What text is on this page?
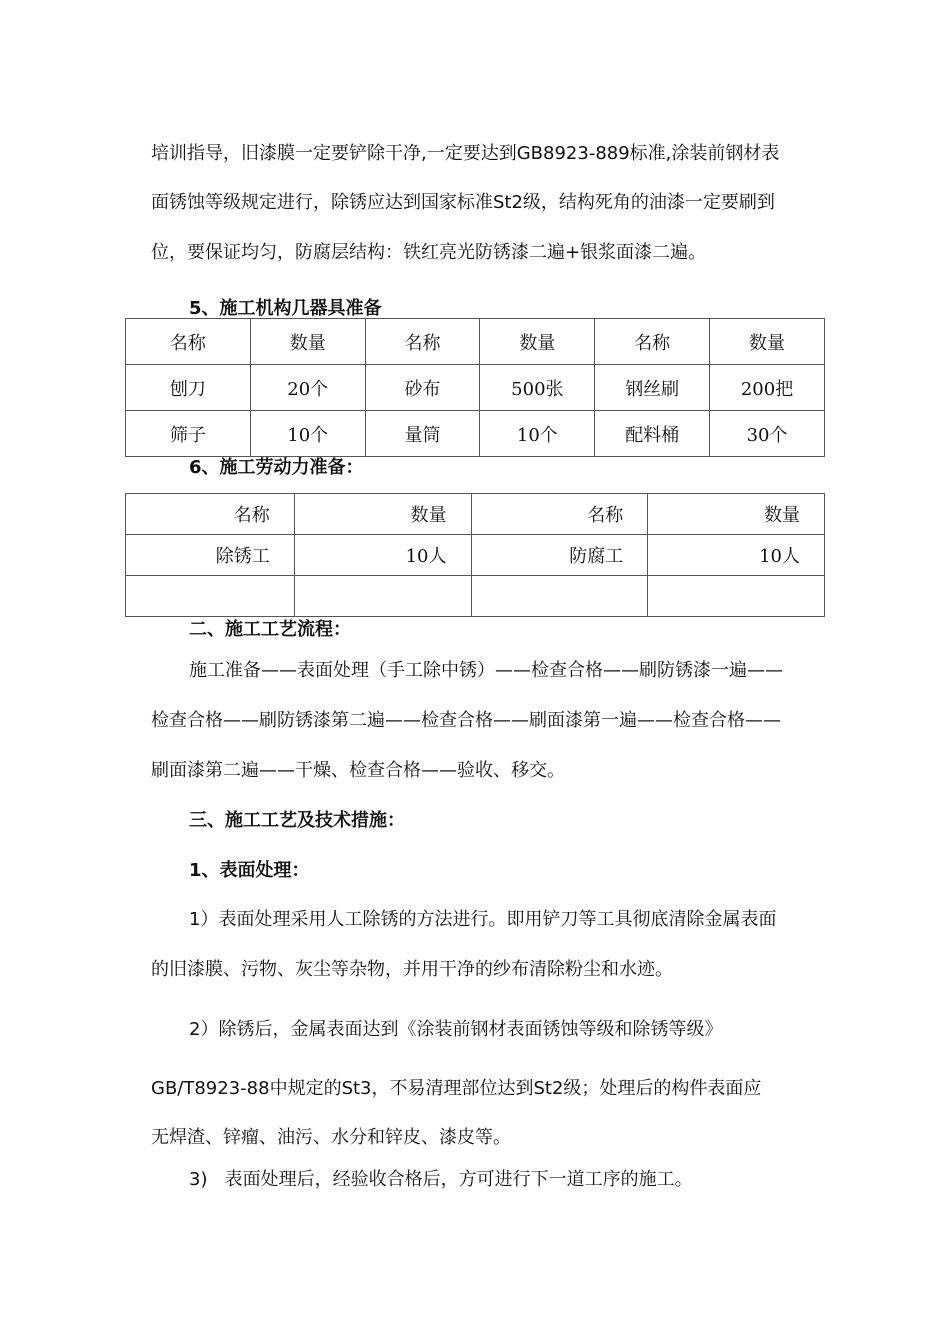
培训指导，旧漆膜一定要铲除干净,一定要达到GB8923-889标准,涂装前钢材表
面锈蚀等级规定进行，除锈应达到国家标准St2级，结构死角的油漆一定要刷到
位，要保证均匀，防腐层结构：铁红亮光防锈漆二遍+银浆面漆二遍。
5、施工机构几器具准备
名称	数量	名称	数量	名称	数量
刨刀	20个	砂布	500张	钢丝刷	200把
筛子	10个	量筒	10个	配料桶	30个
6、施工劳动力准备：
名称	数量	名称	数量
除锈工	10人	防腐工	10人

二、施工工艺流程：
施工准备——表面处理（手工除中锈）——检查合格——刷防锈漆一遍——
检查合格——刷防锈漆第二遍——检查合格——刷面漆第一遍——检查合格——
刷面漆第二遍——干燥、检查合格——验收、移交。
三、施工工艺及技术措施：
1、表面处理：
1）表面处理采用人工除锈的方法进行。即用铲刀等工具彻底清除金属表面
的旧漆膜、污物、灰尘等杂物，并用干净的纱布清除粉尘和水迹。
2）除锈后，金属表面达到《涂装前钢材表面锈蚀等级和除锈等级》
GB/T8923-88中规定的St3，不易清理部位达到St2级；处理后的构件表面应
无焊渣、锌瘤、油污、水分和锌皮、漆皮等。
3)   表面处理后，经验收合格后，方可进行下一道工序的施工。
